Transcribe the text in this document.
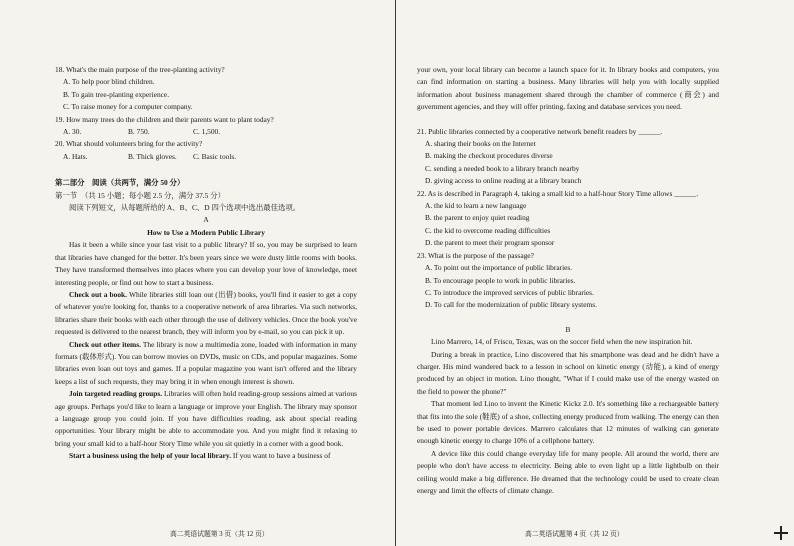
18. What's the main purpose of the tree-planting activity?
A. To help poor blind children.
B. To gain tree-planting experience.
C. To raise money for a computer company.
19. How many trees do the children and their parents want to plant today?
A. 30.	B. 750.	C. 1,500.
20. What should volunteers bring for the activity?
A. Hats.	B. Thick gloves.	C. Basic tools.
第二部分　阅读（共两节，满分 50 分）
第一节　（共 15 小题；每小题 2.5 分，满分 37.5 分）
阅读下列短文，从每题所给的 A、B、C、D 四个选项中选出最佳选项。
A
How to Use a Modern Public Library
Has it been a while since your last visit to a public library? If so, you may be surprised to learn that libraries have changed for the better. It's been years since we were dusty little rooms with books. They have transformed themselves into places where you can develop your love of knowledge, meet interesting people, or find out how to start a business.
Check out a book. While libraries still loan out (出借) books, you'll find it easier to get a copy of whatever you're looking for, thanks to a cooperative network of area libraries. Via such networks, libraries share their books with each other through the use of delivery vehicles. Once the book you've requested is delivered to the nearest branch, they will inform you by e-mail, so you can pick it up.
Check out other items. The library is now a multimedia zone, loaded with information in many formats (载体形式). You can borrow movies on DVDs, music on CDs, and popular magazines. Some libraries even loan out toys and games. If a popular magazine you want isn't offered and the library keeps a list of such requests, they may bring it in when enough interest is shown.
Join targeted reading groups. Libraries will often hold reading-group sessions aimed at various age groups. Perhaps you'd like to learn a language or improve your English. The library may sponsor a language group you could join. If you have difficulties reading, ask about special reading opportunities. Your library might be able to accommodate you. And you might find it relaxing to bring your small kid to a half-hour Story Time while you sit quietly in a corner with a good book.
Start a business using the help of your local library. If you want to have a business of
高二英语试题第 3 页（共 12 页）
your own, your local library can become a launch space for it. In library books and computers, you can find information on starting a business. Many libraries will help you with locally supplied information about business management shared through the chamber of commerce (商会) and government agencies, and they will offer printing, faxing and database services you need.
21. Public libraries connected by a cooperative network benefit readers by ______.
A. sharing their books on the Internet
B. making the checkout procedures diverse
C. sending a needed book to a library branch nearby
D. giving access to online reading at a library branch
22. As is described in Paragraph 4, taking a small kid to a half-hour Story Time allows ______.
A. the kid to learn a new language
B. the parent to enjoy quiet reading
C. the kid to overcome reading difficulties
D. the parent to meet their program sponsor
23. What is the purpose of the passage?
A. To point out the importance of public libraries.
B. To encourage people to work in public libraries.
C. To introduce the improved services of public libraries.
D. To call for the modernization of public library systems.
B
Lino Marrero, 14, of Frisco, Texas, was on the soccer field when the new inspiration hit.
During a break in practice, Lino discovered that his smartphone was dead and he didn't have a charger. His mind wandered back to a lesson in school on kinetic energy (动能), a kind of energy produced by an object in motion. Lino thought, "What if I could make use of the energy wasted on the field to power the phone?"
That moment led Lino to invent the Kinetic Kickz 2.0. It's something like a rechargeable battery that fits into the sole (鞋底) of a shoe, collecting energy produced from walking. The energy can then be used to power portable devices. Marrero calculates that 12 minutes of walking can generate enough kinetic energy to charge 10% of a cellphone battery.
A device like this could change everyday life for many people. All around the world, there are people who don't have access to electricity. Being able to even light up a little lightbulb on their ceiling would make a big difference. He dreamed that the technology could be used to create clean energy and limit the effects of climate change.
高二英语试题第 4 页（共 12 页）
